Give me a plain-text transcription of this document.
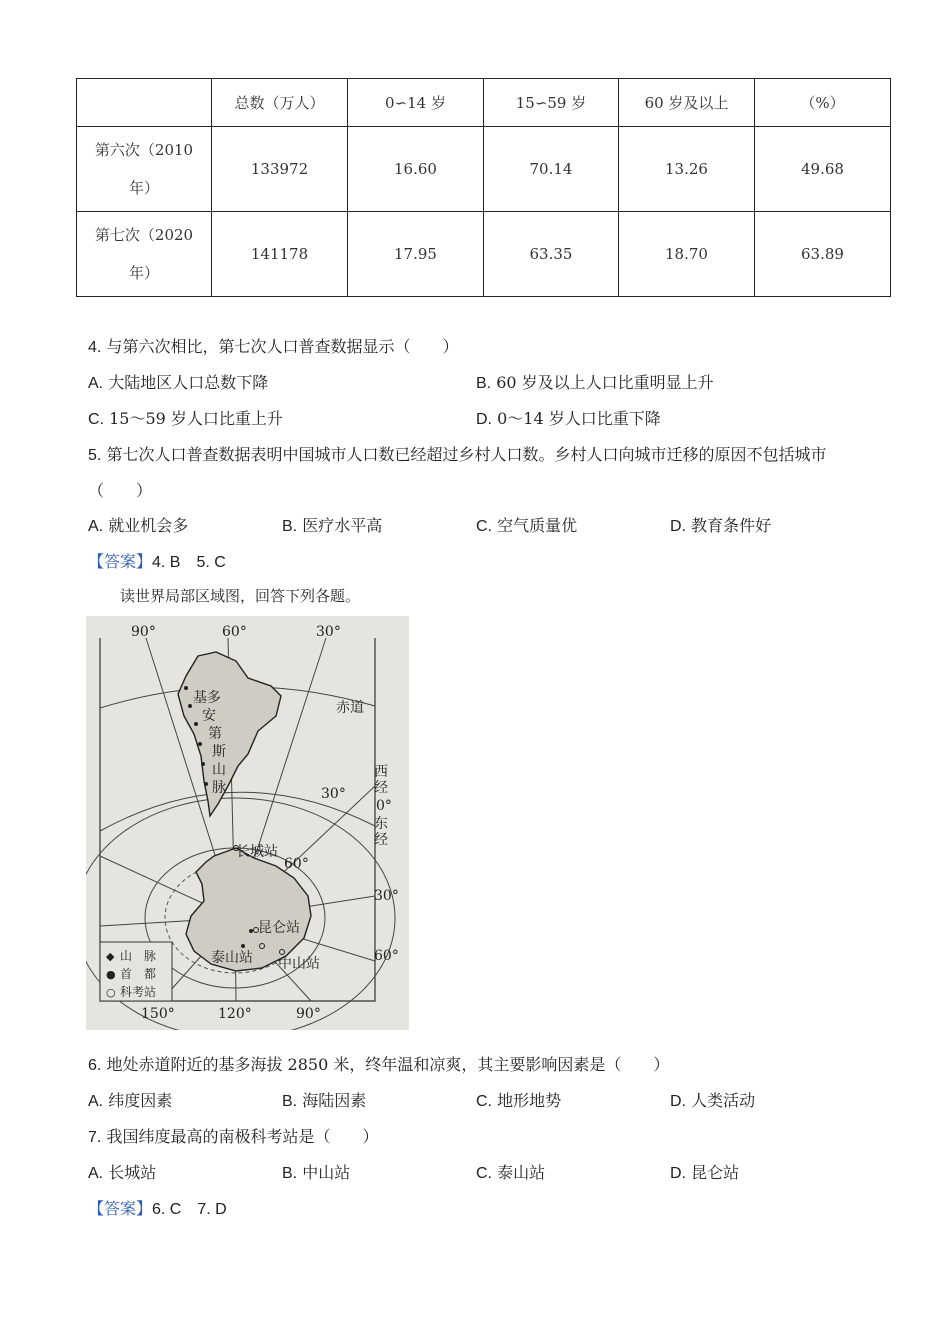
	总数（万人）	0∽14 岁	15∽59 岁	60 岁及以上	（%）
第六次（2010
年）	133972	16.60	70.14	13.26	49.68
第七次（2020
年）	141178	17.95	63.35	18.70	63.89
4. 与第六次相比，第七次人口普查数据显示（　　）
A. 大陆地区人口总数下降	B. 60 岁及以上人口比重明显上升
C. 15～59 岁人口比重上升	D. 0～14 岁人口比重下降
5. 第七次人口普查数据表明中国城市人口数已经超过乡村人口数。乡村人口向城市迁移的原因不包括城市
（　　）
A. 就业机会多	B. 医疗水平高	C. 空气质量优	D. 教育条件好
【答案】4. B　5. C
读世界局部区域图，回答下列各题。
90°	60°	30°
150°	120°	90°
30°
60°
西
经
0°
东
经
赤道
30°
60°
基多
安
第
斯
山
脉
长城站
昆仑站
泰山站 中山站
◆
●
○
山　脉
首　都
科考站
6. 地处赤道附近的基多海拔 2850 米，终年温和凉爽，其主要影响因素是（　　）
A. 纬度因素	B. 海陆因素	C. 地形地势	D. 人类活动
7. 我国纬度最高的南极科考站是（　　）
A. 长城站	B. 中山站	C. 泰山站	D. 昆仑站
【答案】6. C　7. D
